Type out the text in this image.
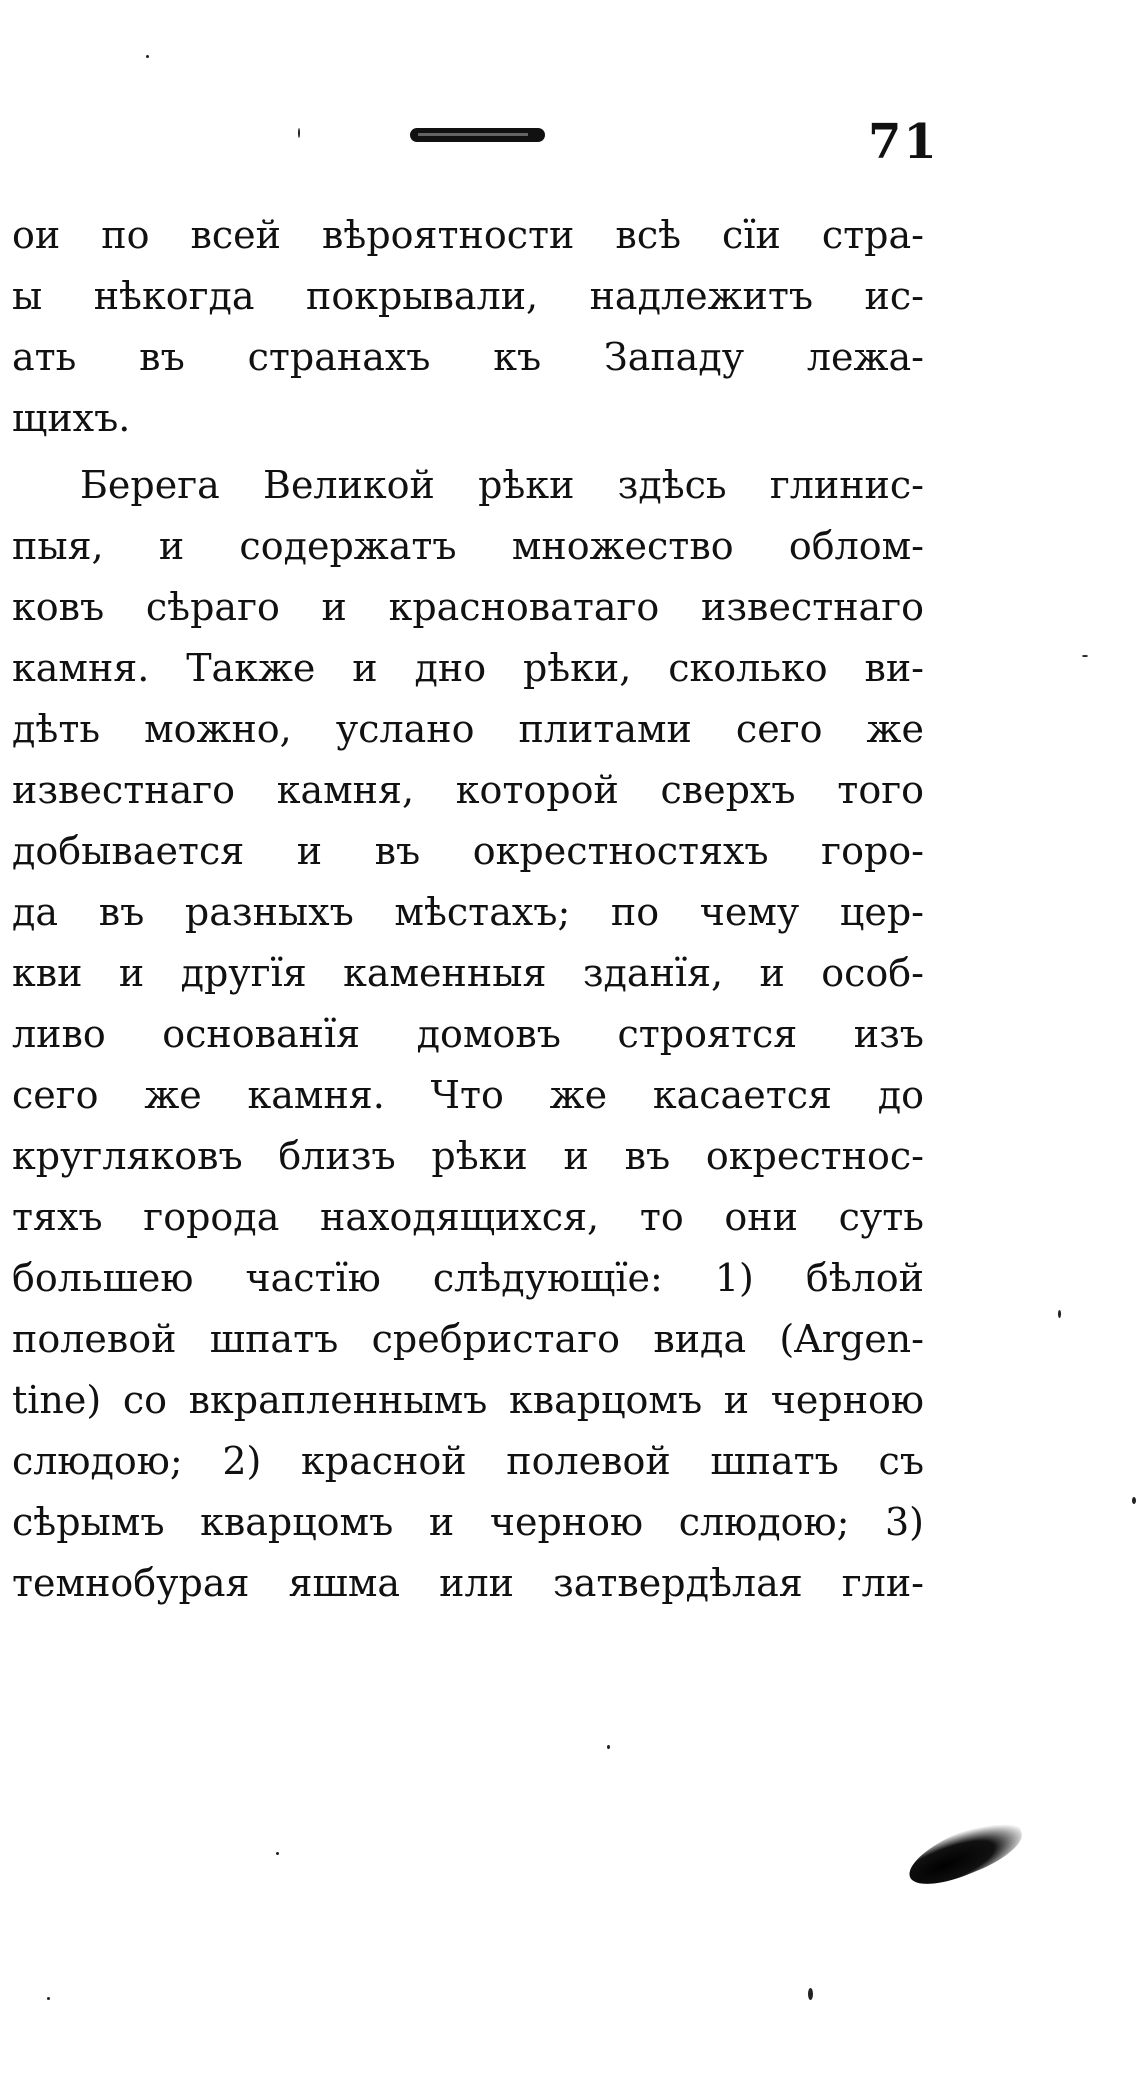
71
ои по всей вѣроятности всѣ сїи стра-
ы нѣкогда покрывали, надлежитъ ис-
ать въ странахъ къ Западу лежа-
щихъ.
Берега Великой рѣки здѣсь глинис-
пыя, и содержатъ множество облом-
ковъ сѣраго и красноватаго известнаго
камня. Также и дно рѣки, сколько ви-
дѣть можно, услано плитами сего же
известнаго камня, которой сверхъ того
добывается и въ окрестностяхъ горо-
да въ разныхъ мѣстахъ; по чему цер-
кви и другїя каменныя зданїя, и особ-
ливо основанїя домовъ строятся изъ
сего же камня. Что же касается до
кругляковъ близъ рѣки и въ окрестнос-
тяхъ города находящихся, то они суть
большею частїю слѣдующїе: 1) бѣлой
полевой шпатъ сребристаго вида (Argen-
tine) со вкрапленнымъ кварцомъ и черною
слюдою; 2) красной полевой шпатъ съ
сѣрымъ кварцомъ и черною слюдою; 3)
темнобурая яшма или затвердѣлая гли-
